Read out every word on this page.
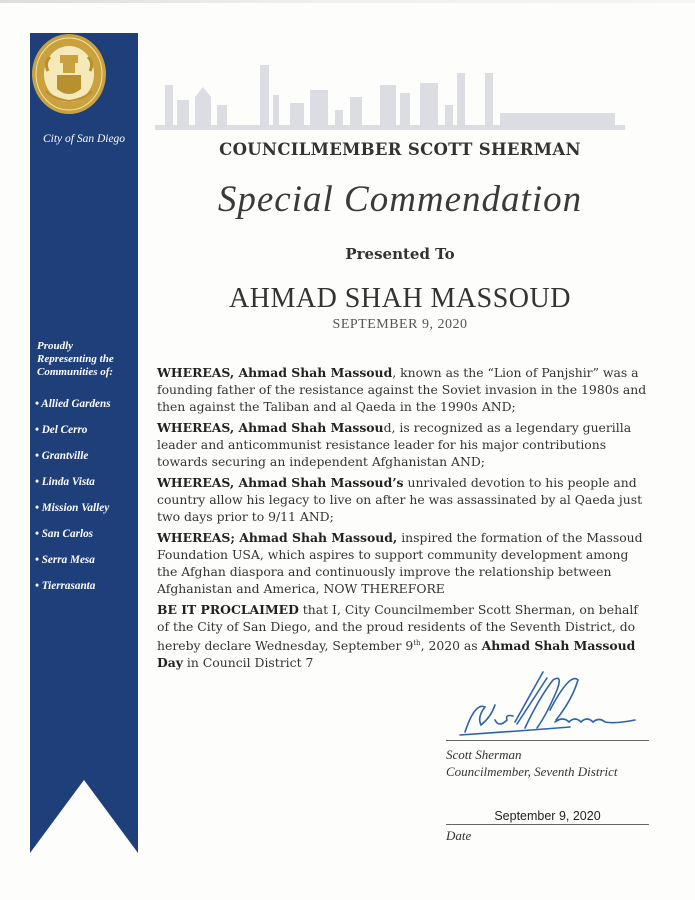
City of San Diego
Proudly
Representing the
Communities of:
• Allied Gardens
• Del Cerro
• Grantville
• Linda Vista
• Mission Valley
• San Carlos
• Serra Mesa
• Tierrasanta
COUNCILMEMBER SCOTT SHERMAN
Special Commendation
Presented To
AHMAD SHAH MASSOUD
SEPTEMBER 9, 2020

WHEREAS, Ahmad Shah Massoud, known as the “Lion of Panjshir” was a founding father of the resistance against the Soviet invasion in the 1980s and then against the Taliban and al Qaeda in the 1990s AND;

WHEREAS, Ahmad Shah Massoud, is recognized as a legendary guerilla leader and anticommunist resistance leader for his major contributions towards securing an independent Afghanistan AND;

WHEREAS, Ahmad Shah Massoud’s unrivaled devotion to his people and country allow his legacy to live on after he was assassinated by al Qaeda just two days prior to 9/11 AND;

WHEREAS; Ahmad Shah Massoud, inspired the formation of the Massoud Foundation USA, which aspires to support community development among the Afghan diaspora and continuously improve the relationship between Afghanistan and America, NOW THEREFORE

BE IT PROCLAIMED that I, City Councilmember Scott Sherman, on behalf of the City of San Diego, and the proud residents of the Seventh District, do hereby declare Wednesday, September 9th, 2020 as Ahmad Shah Massoud Day in Council District 7

Scott Sherman
Councilmember, Seventh District
September 9, 2020
Date
